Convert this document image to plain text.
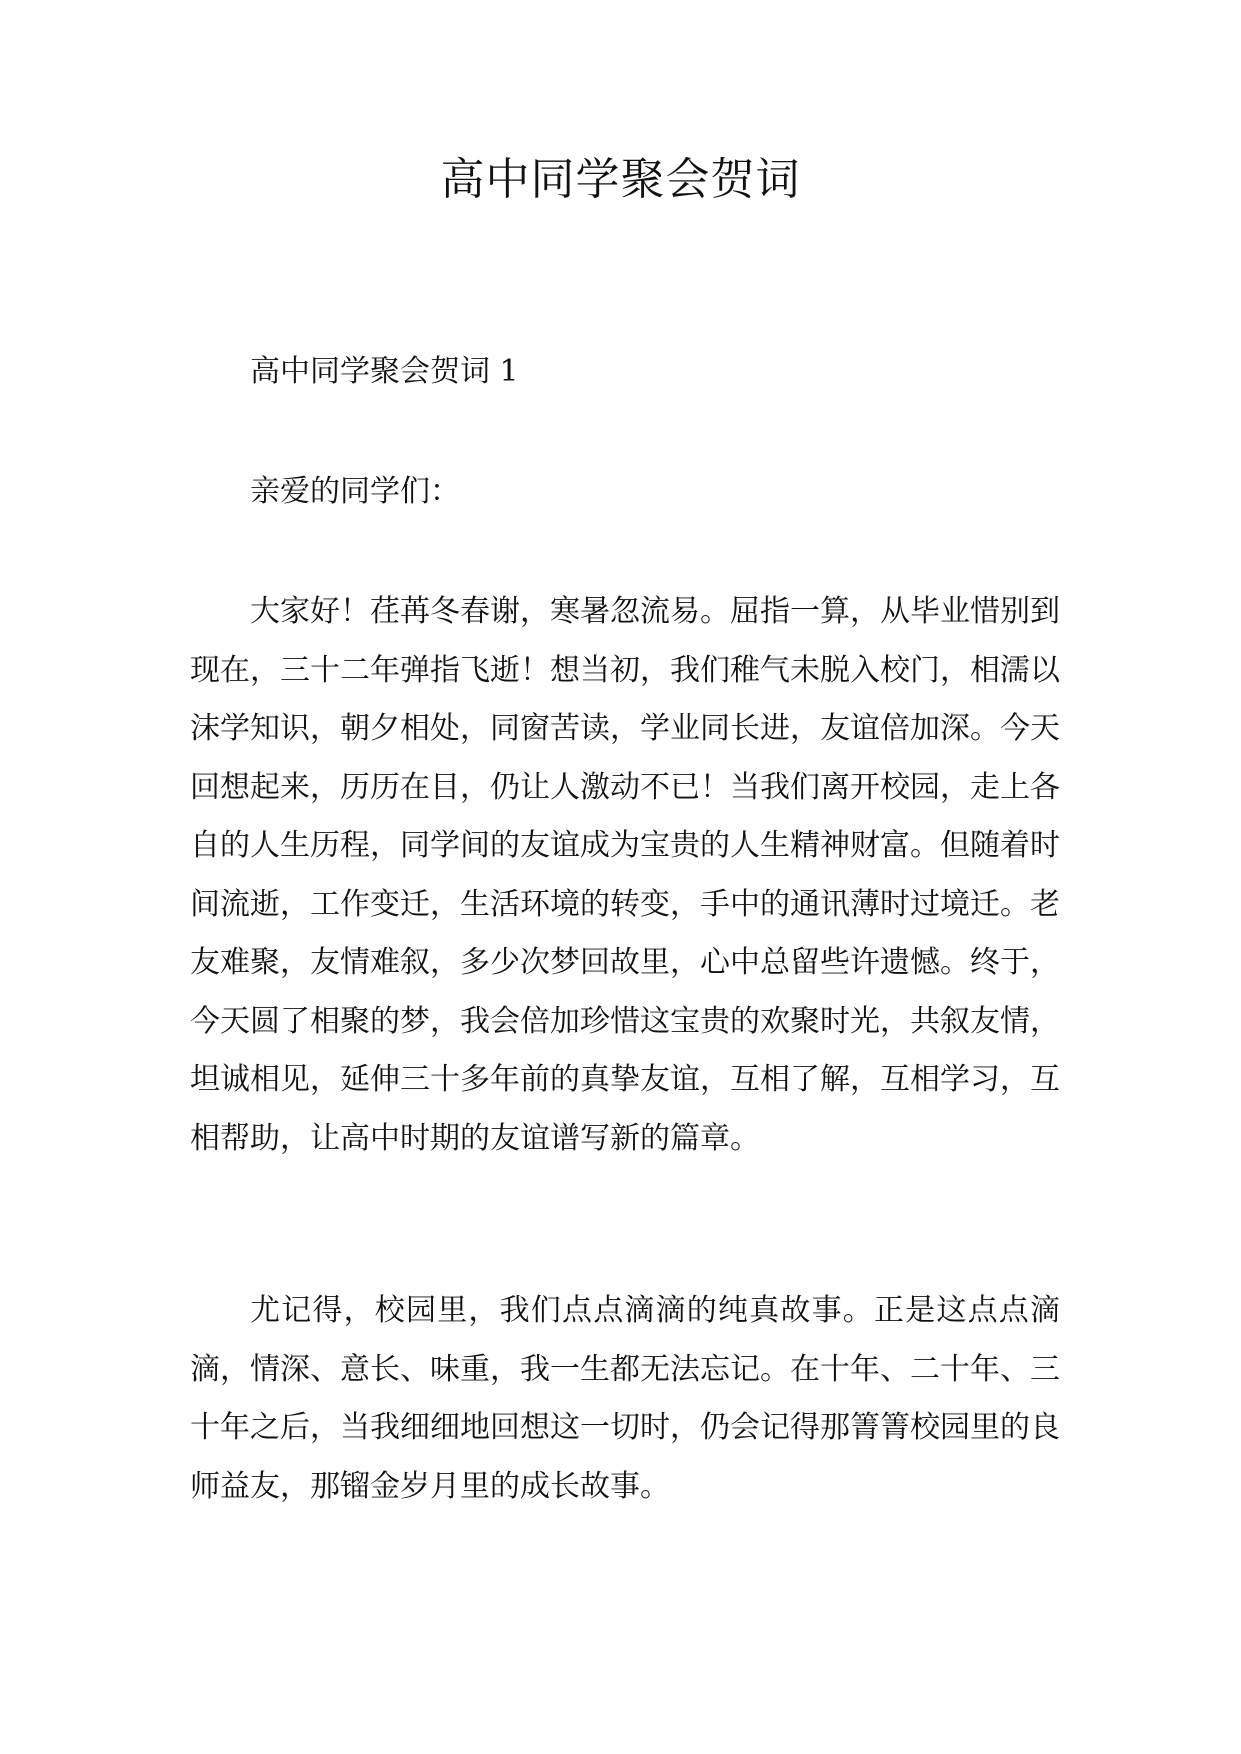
高中同学聚会贺词

高中同学聚会贺词 1

亲爱的同学们：

大家好！荏苒冬春谢，寒暑忽流易。屈指一算，从毕业惜别到现在，三十二年弹指飞逝！想当初，我们稚气未脱入校门，相濡以沫学知识，朝夕相处，同窗苦读，学业同长进，友谊倍加深。今天回想起来，历历在目，仍让人激动不已！当我们离开校园，走上各自的人生历程，同学间的友谊成为宝贵的人生精神财富。但随着时间流逝，工作变迁，生活环境的转变，手中的通讯薄时过境迁。老友难聚，友情难叙，多少次梦回故里，心中总留些许遗憾。终于，今天圆了相聚的梦，我会倍加珍惜这宝贵的欢聚时光，共叙友情，坦诚相见，延伸三十多年前的真挚友谊，互相了解，互相学习，互相帮助，让高中时期的友谊谱写新的篇章。

尤记得，校园里，我们点点滴滴的纯真故事。正是这点点滴滴，情深、意长、味重，我一生都无法忘记。在十年、二十年、三十年之后，当我细细地回想这一切时，仍会记得那箐箐校园里的良师益友，那镏金岁月里的成长故事。
